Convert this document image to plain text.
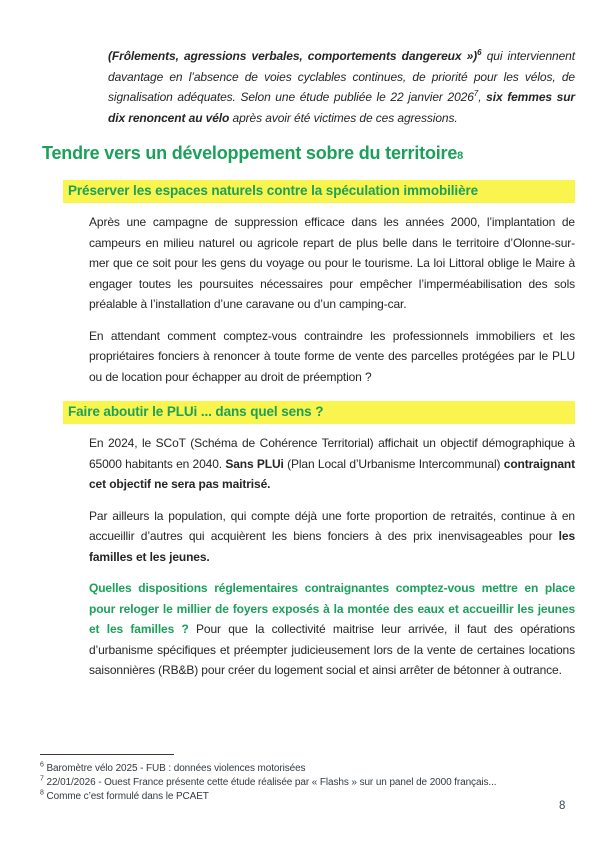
(Frôlements, agressions verbales, comportements dangereux »)$^6$ qui interviennent davantage en l’absence de voies cyclables continues, de priorité pour les vélos, de signalisation adéquates. Selon une étude publiée le 22 janvier 2026$^7$, six femmes sur dix renoncent au vélo après avoir été victimes de ces agressions.

Tendre vers un développement sobre du territoire8
Préserver les espaces naturels contre la spéculation immobilière

Après une campagne de suppression efficace dans les années 2000, l’implantation de campeurs en milieu naturel ou agricole repart de plus belle dans le territoire d’Olonne-sur-mer que ce soit pour les gens du voyage ou pour le tourisme. La loi Littoral oblige le Maire à engager toutes les poursuites nécessaires pour empêcher l’imperméabilisation des sols préalable à l’installation d’une caravane ou d’un camping-car.

En attendant comment comptez-vous contraindre les professionnels immobiliers et les propriétaires fonciers à renoncer à toute forme de vente des parcelles protégées par le PLU ou de location pour échapper au droit de préemption ?

Faire aboutir le PLUi ... dans quel sens ?

En 2024, le SCoT (Schéma de Cohérence Territorial) affichait un objectif démographique à 65000 habitants en 2040. Sans PLUi (Plan Local d’Urbanisme Intercommunal) contraignant cet objectif ne sera pas maitrisé.

Par ailleurs la population, qui compte déjà une forte proportion de retraités, continue à en accueillir d’autres qui acquièrent les biens fonciers à des prix inenvisageables pour les familles et les jeunes.

Quelles dispositions réglementaires contraignantes comptez-vous mettre en place pour reloger le millier de foyers exposés à la montée des eaux et accueillir les jeunes et les familles ? Pour que la collectivité maitrise leur arrivée, il faut des opérations d’urbanisme spécifiques et préempter judicieusement lors de la vente de certaines locations saisonnières (RB&B) pour créer du logement social et ainsi arrêter de bétonner à outrance.

$^6$ Baromètre vélo 2025 - FUB : données violences motorisées
$^7$ 22/01/2026 - Ouest France présente cette étude réalisée par « Flashs » sur un panel de 2000 français...
$^8$ Comme c’est formulé dans le PCAET
8
